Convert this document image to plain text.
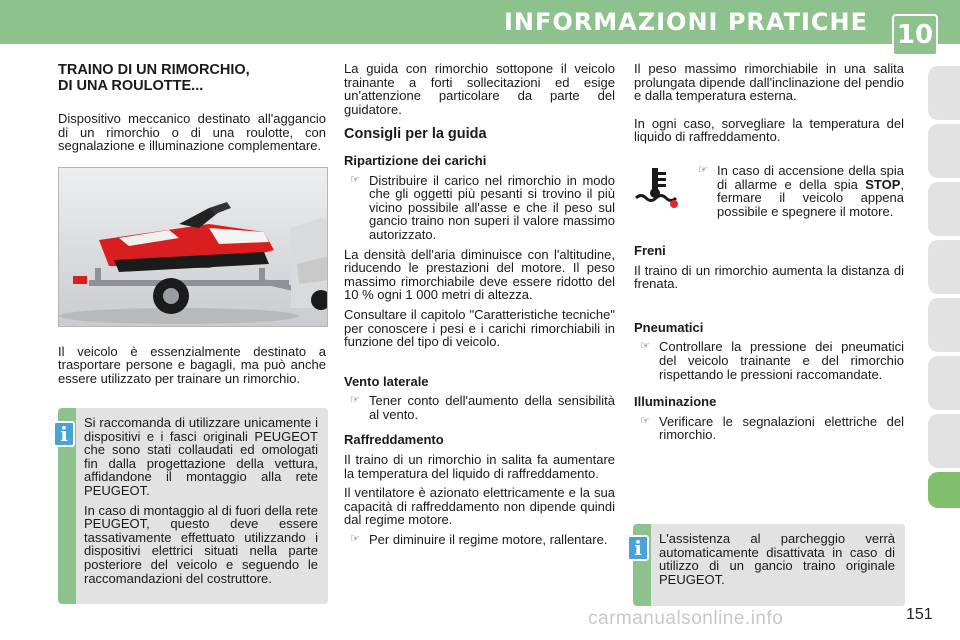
INFORMAZIONI PRATICHE 10
TRAINO DI UN RIMORCHIO,
DI UNA ROULOTTE...
Dispositivo meccanico destinato all'aggancio di un rimorchio o di una roulotte, con segnalazione e illuminazione complementare.
Il veicolo è essenzialmente destinato a trasportare persone e bagagli, ma può anche essere utilizzato per trainare un rimorchio.
Si raccomanda di utilizzare unicamente i dispositivi e i fasci originali PEUGEOT che sono stati collaudati ed omologati fin dalla progettazione della vettura, affidandone il montaggio alla rete PEUGEOT.
In caso di montaggio al di fuori della rete PEUGEOT, questo deve essere tassativamente effettuato utilizzando i dispositivi elettrici situati nella parte posteriore del veicolo e seguendo le raccomandazioni del costruttore.
i
La guida con rimorchio sottopone il veicolo trainante a forti sollecitazioni ed esige un'attenzione particolare da parte del guidatore.
Consigli per la guida
Ripartizione dei carichi
☞ Distribuire il carico nel rimorchio in modo che gli oggetti più pesanti si trovino il più vicino possibile all'asse e che il peso sul gancio traino non superi il valore massimo autorizzato.
La densità dell'aria diminuisce con l'altitudine, riducendo le prestazioni del motore. Il peso massimo rimorchiabile deve essere ridotto del 10 % ogni 1 000 metri di altezza.
Consultare il capitolo "Caratteristiche tecniche" per conoscere i pesi e i carichi rimorchiabili in funzione del tipo di veicolo.
Vento laterale
☞ Tener conto dell'aumento della sensibilità al vento.
Raffreddamento
Il traino di un rimorchio in salita fa aumentare la temperatura del liquido di raffreddamento.
Il ventilatore è azionato elettricamente e la sua capacità di raffreddamento non dipende quindi dal regime motore.
☞ Per diminuire il regime motore, rallentare.
Il peso massimo rimorchiabile in una salita prolungata dipende dall'inclinazione del pendio e dalla temperatura esterna.
In ogni caso, sorvegliare la temperatura del liquido di raffreddamento.
☞ In caso di accensione della spia di allarme e della spia STOP, fermare il veicolo appena possibile e spegnere il motore.
Freni
Il traino di un rimorchio aumenta la distanza di frenata.
Pneumatici
☞ Controllare la pressione dei pneumatici del veicolo trainante e del rimorchio rispettando le pressioni raccomandate.
Illuminazione
☞ Verificare le segnalazioni elettriche del rimorchio.
L'assistenza al parcheggio verrà automaticamente disattivata in caso di utilizzo di un gancio traino originale PEUGEOT.
i
carmanualsonline.info	151
